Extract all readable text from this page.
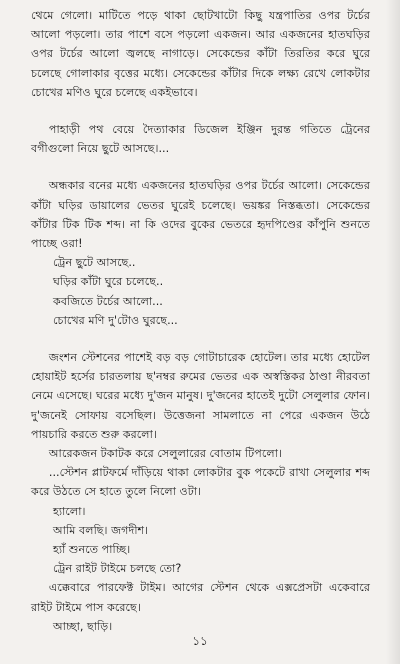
থেমে গেলো। মাটিতে পড়ে থাকা ছোটখাটো কিছু যন্ত্রপাতির ওপর টর্চের আলো পড়লো। তার পাশে বসে পড়লো একজন। আর একজনের হাতঘড়ির ওপর টর্চের আলো জ্বলছে নাগাড়ে। সেকেন্ডের কাঁটা তিরতির করে ঘুরে চলেছে গোলাকার বৃত্তের মধ্যে। সেকেন্ডের কাঁটার দিকে লক্ষ্য রেখে লোকটার চোখের মণিও ঘুরে চলেছে একইভাবে।

পাহাড়ী পথ বেয়ে দৈত্যাকার ডিজেল ইঞ্জিন দুরন্ত গতিতে ট্রেনের বগীগুলো নিয়ে ছুটে আসছে।...

অন্ধকার বনের মধ্যে একজনের হাতঘড়ির ওপর টর্চের আলো। সেকেন্ডের কাঁটা ঘড়ির ডায়ালের ভেতর ঘুরেই চলেছে। ভয়ঙ্কর নিস্তব্ধতা। সেকেন্ডের কাঁটার টিক টিক শব্দ। না কি ওদের বুকের ভেতরে হৃদপিণ্ডের কাঁপুনি শুনতে পাচ্ছে ওরা!

ট্রেন ছুটে আসছে..

ঘড়ির কাঁটা ঘুরে চলেছে..

কবজিতে টর্চের আলো...

চোখের মণি দু'টোও ঘুরছে...

জংশন স্টেশনের পাশেই বড় বড় গোটাচারেক হোটেল। তার মধ্যে হোটেল হোয়াইট হর্সের চারতলায় ছ'নম্বর রুমের ভেতর এক অস্বস্তিকর ঠাণ্ডা নীরবতা নেমে এসেছে। ঘরের মধ্যে দু'জন মানুষ। দু'জনের হাতেই দুটো সেলুলার ফোন। দু'জনেই সোফায় বসেছিল। উত্তেজনা সামলাতে না পেরে একজন উঠে পায়চারি করতে শুরু করলো।

আরেকজন টকাটক করে সেলুলারের বোতাম টিপলো।

...স্টেশন প্লাটফর্মে দাঁড়িয়ে থাকা লোকটার বুক পকেটে রাখা সেলুলার শব্দ করে উঠতে সে হাতে তুলে নিলো ওটা।

হ্যালো।

আমি বলছি। জগদীশ।

হ্যাঁ শুনতে পাচ্ছি।

ট্রেন রাইট টাইমে চলছে তো?

এক্কেবারে পারফেক্ট টাইম। আগের স্টেশন থেকে এক্সপ্রেসটা একেবারে রাইট টাইমে পাস করেছে।

আচ্ছা, ছাড়ি।

১১
